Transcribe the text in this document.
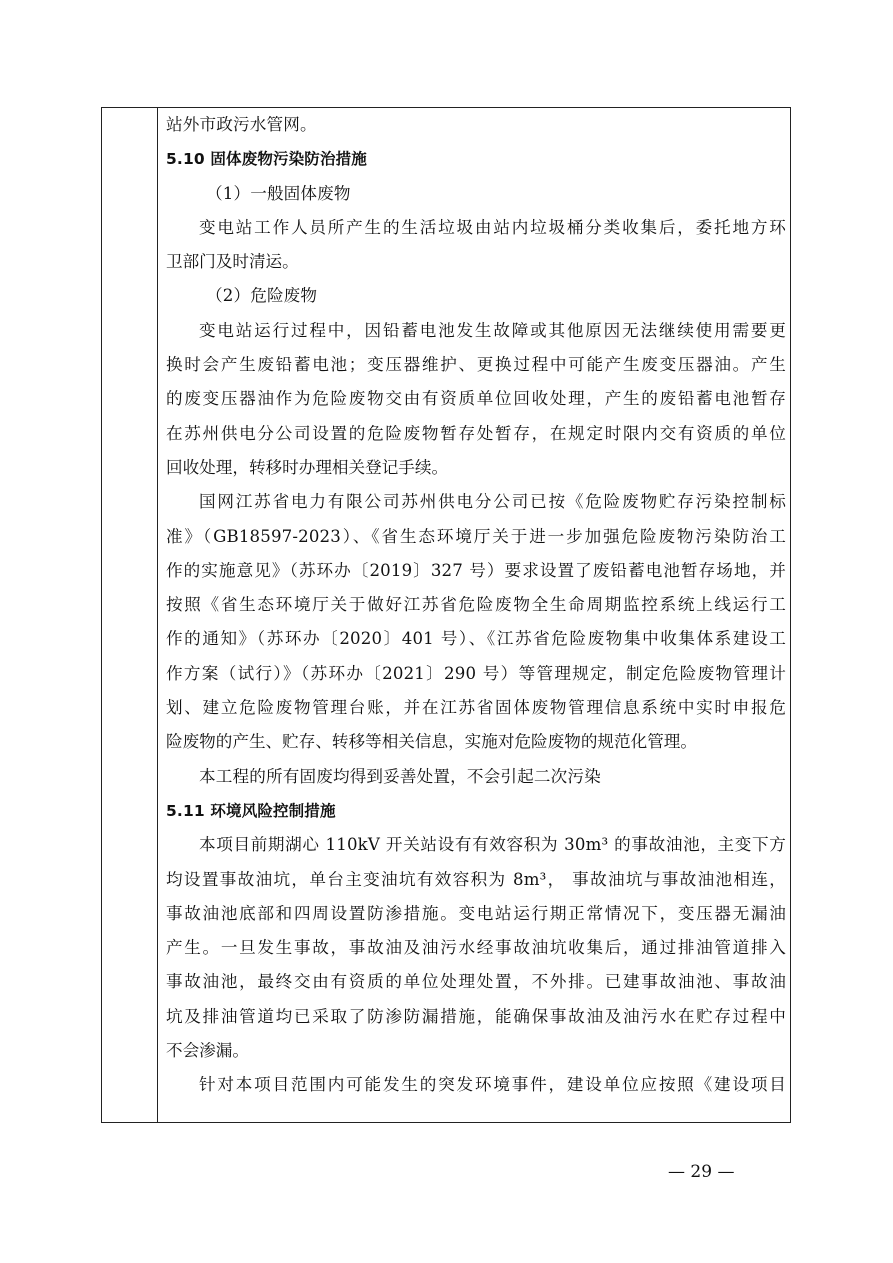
站外市政污水管网。
5.10 固体废物污染防治措施
（1）一般固体废物
变电站工作人员所产生的生活垃圾由站内垃圾桶分类收集后，委托地方环
卫部门及时清运。
（2）危险废物
变电站运行过程中，因铅蓄电池发生故障或其他原因无法继续使用需要更
换时会产生废铅蓄电池；变压器维护、更换过程中可能产生废变压器油。产生
的废变压器油作为危险废物交由有资质单位回收处理，产生的废铅蓄电池暂存
在苏州供电分公司设置的危险废物暂存处暂存，在规定时限内交有资质的单位
回收处理，转移时办理相关登记手续。
国网江苏省电力有限公司苏州供电分公司已按《危险废物贮存污染控制标
准》（GB18597-2023）、《省生态环境厅关于进一步加强危险废物污染防治工
作的实施意见》（苏环办〔2019〕327 号）要求设置了废铅蓄电池暂存场地，并
按照《省生态环境厅关于做好江苏省危险废物全生命周期监控系统上线运行工
作的通知》（苏环办〔2020〕401 号）、《江苏省危险废物集中收集体系建设工
作方案（试行）》（苏环办〔2021〕290 号）等管理规定，制定危险废物管理计
划、建立危险废物管理台账，并在江苏省固体废物管理信息系统中实时申报危
险废物的产生、贮存、转移等相关信息，实施对危险废物的规范化管理。
本工程的所有固废均得到妥善处置，不会引起二次污染
5.11 环境风险控制措施
本项目前期湖心 110kV 开关站设有有效容积为 30m³ 的事故油池，主变下方
均设置事故油坑，单台主变油坑有效容积为 8m³， 事故油坑与事故油池相连，
事故油池底部和四周设置防渗措施。变电站运行期正常情况下，变压器无漏油
产生。一旦发生事故，事故油及油污水经事故油坑收集后，通过排油管道排入
事故油池，最终交由有资质的单位处理处置，不外排。已建事故油池、事故油
坑及排油管道均已采取了防渗防漏措施，能确保事故油及油污水在贮存过程中
不会渗漏。
针对本项目范围内可能发生的突发环境事件，建设单位应按照《建设项目
— 29 —
